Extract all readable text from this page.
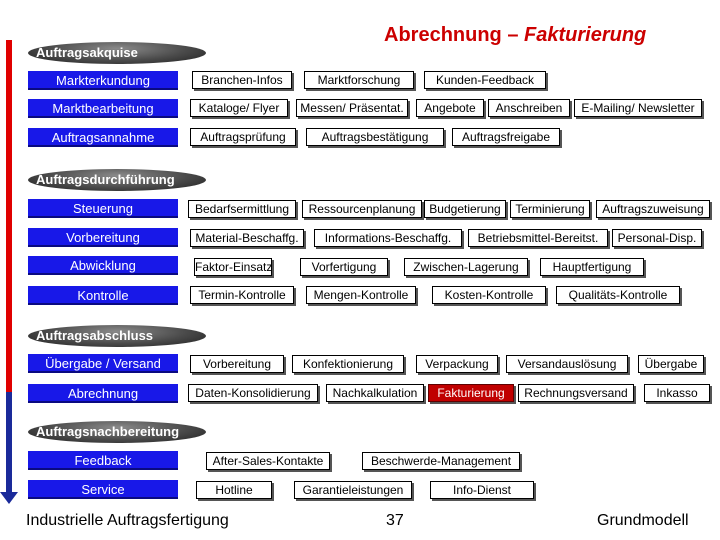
Abrechnung – Fakturierung
Auftragsakquise
Markterkundung	Branchen-Infos	Marktforschung	Kunden-Feedback
Marktbearbeitung	Kataloge/ Flyer	Messen/ Präsentat.	Angebote	Anschreiben	E-Mailing/ Newsletter
Auftragsannahme	Auftragsprüfung	Auftragsbestätigung	Auftragsfreigabe
Auftragsdurchführung
Steuerung	Bedarfsermittlung	Ressourcenplanung	Budgetierung	Terminierung	Auftragszuweisung
Vorbereitung	Material-Beschaffg.	Informations-Beschaffg.	Betriebsmittel-Bereitst.	Personal-Disp.
Abwicklung	Faktor-Einsatz	Vorfertigung	Zwischen-Lagerung	Hauptfertigung
Kontrolle	Termin-Kontrolle	Mengen-Kontrolle	Kosten-Kontrolle	Qualitäts-Kontrolle
Auftragsabschluss
Übergabe / Versand	Vorbereitung	Konfektionierung	Verpackung	Versandauslösung	Übergabe
Abrechnung	Daten-Konsolidierung	Nachkalkulation	Fakturierung	Rechnungsversand	Inkasso
Auftragsnachbereitung
Feedback	After-Sales-Kontakte	Beschwerde-Management
Service	Hotline	Garantieleistungen	Info-Dienst
Industrielle Auftragsfertigung	37	Grundmodell
